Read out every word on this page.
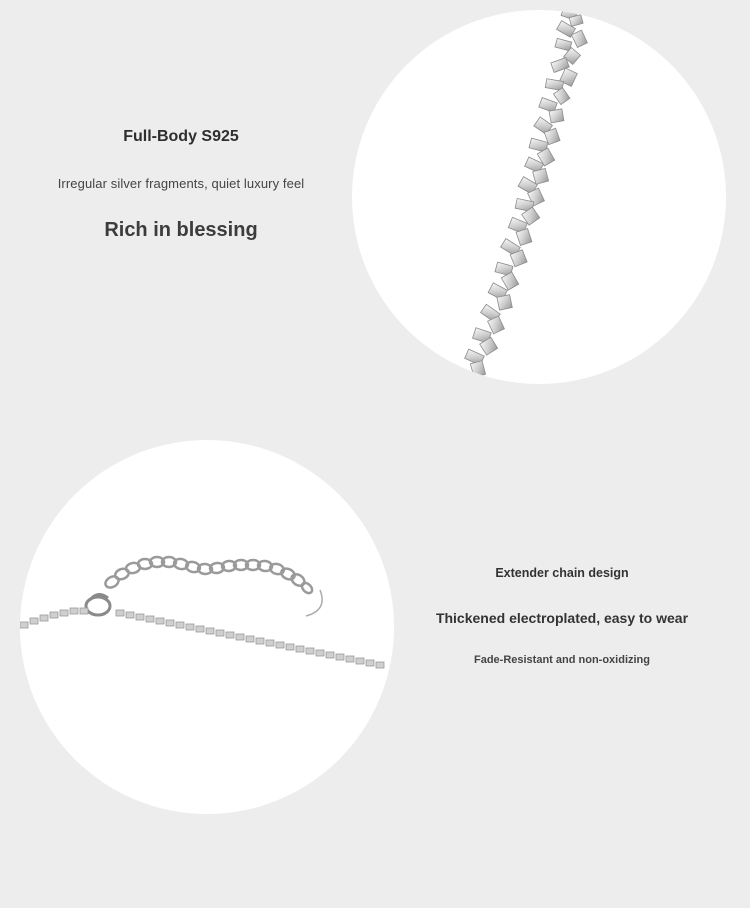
Full-Body S925
Irregular silver fragments, quiet luxury feel
Rich in blessing
Extender chain design
Thickened electroplated, easy to wear
Fade-Resistant and non-oxidizing
